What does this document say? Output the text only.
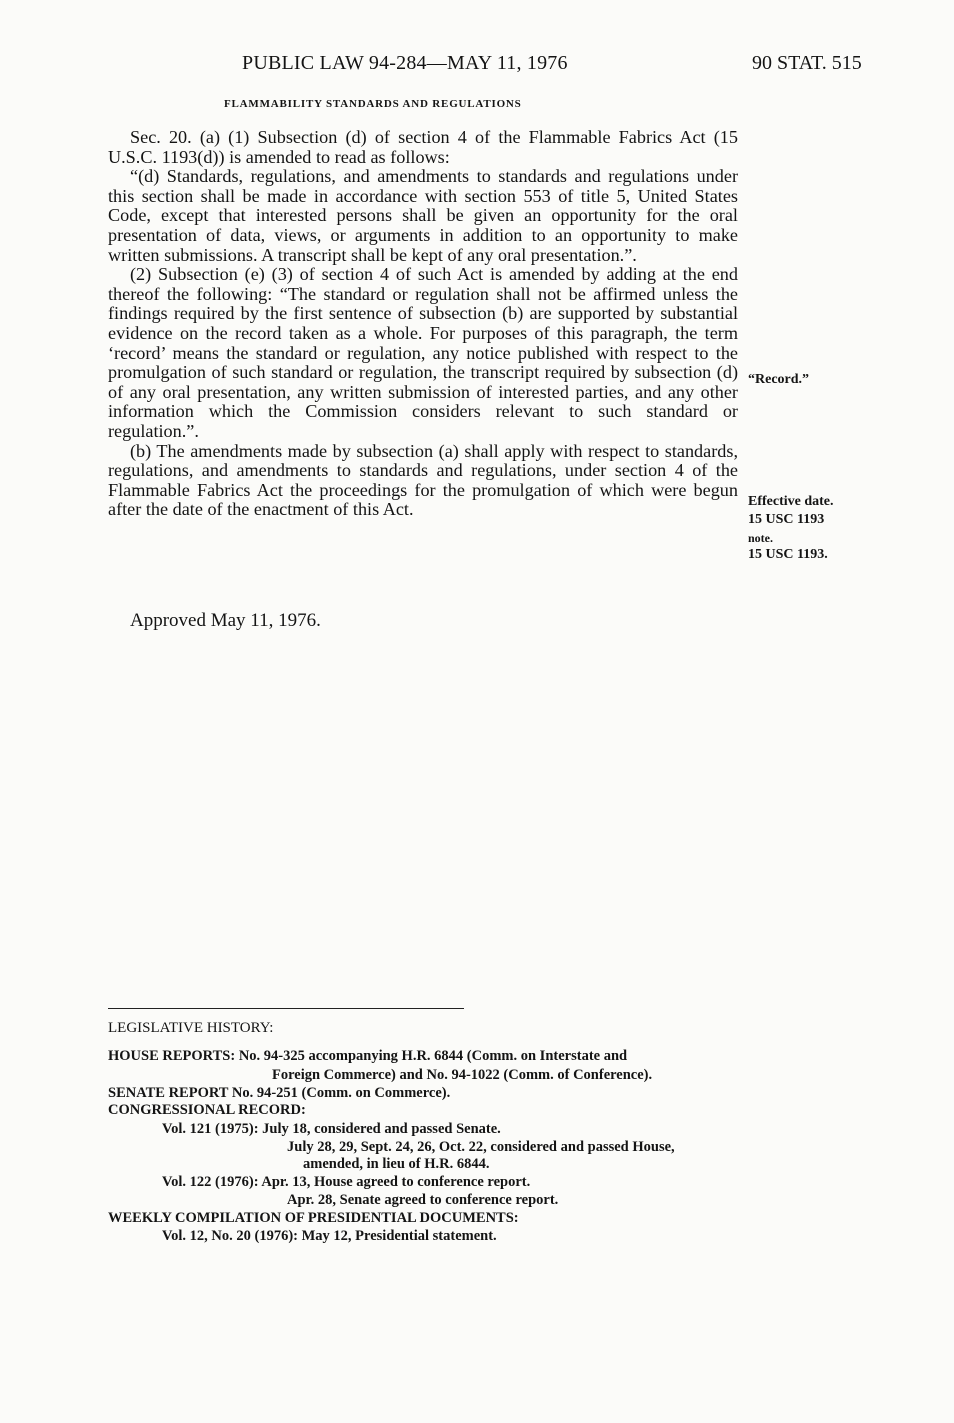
PUBLIC LAW 94-284—MAY 11, 1976	90 STAT. 515
FLAMMABILITY STANDARDS AND REGULATIONS

Sec. 20. (a) (1) Subsection (d) of section 4 of the Flammable Fabrics Act (15 U.S.C. 1193(d)) is amended to read as follows:

“(d) Standards, regulations, and amendments to standards and regulations under this section shall be made in accordance with section 553 of title 5, United States Code, except that interested persons shall be given an opportunity for the oral presentation of data, views, or arguments in addition to an opportunity to make written submissions. A transcript shall be kept of any oral presentation.”.

(2) Subsection (e) (3) of section 4 of such Act is amended by adding at the end thereof the following: “The standard or regulation shall not be affirmed unless the findings required by the first sentence of subsection (b) are supported by substantial evidence on the record taken as a whole. For purposes of this paragraph, the term ‘record’ means the standard or regulation, any notice published with respect to the promulgation of such standard or regulation, the transcript required by subsection (d) of any oral presentation, any written submission of interested parties, and any other information which the Commission considers relevant to such standard or regulation.”.

(b) The amendments made by subsection (a) shall apply with respect to standards, regulations, and amendments to standards and regulations, under section 4 of the Flammable Fabrics Act the proceedings for the promulgation of which were begun after the date of the enactment of this Act.

“Record.”
Effective date.
15 USC 1193
note.
15 USC 1193.
Approved May 11, 1976.
LEGISLATIVE HISTORY:
HOUSE REPORTS: No. 94-325 accompanying H.R. 6844 (Comm. on Interstate and
Foreign Commerce) and No. 94-1022 (Comm. of Conference).
SENATE REPORT No. 94-251 (Comm. on Commerce).
CONGRESSIONAL RECORD:
Vol. 121 (1975): July 18, considered and passed Senate.
July 28, 29, Sept. 24, 26, Oct. 22, considered and passed House,
amended, in lieu of H.R. 6844.
Vol. 122 (1976): Apr. 13, House agreed to conference report.
Apr. 28, Senate agreed to conference report.
WEEKLY COMPILATION OF PRESIDENTIAL DOCUMENTS:
Vol. 12, No. 20 (1976): May 12, Presidential statement.
